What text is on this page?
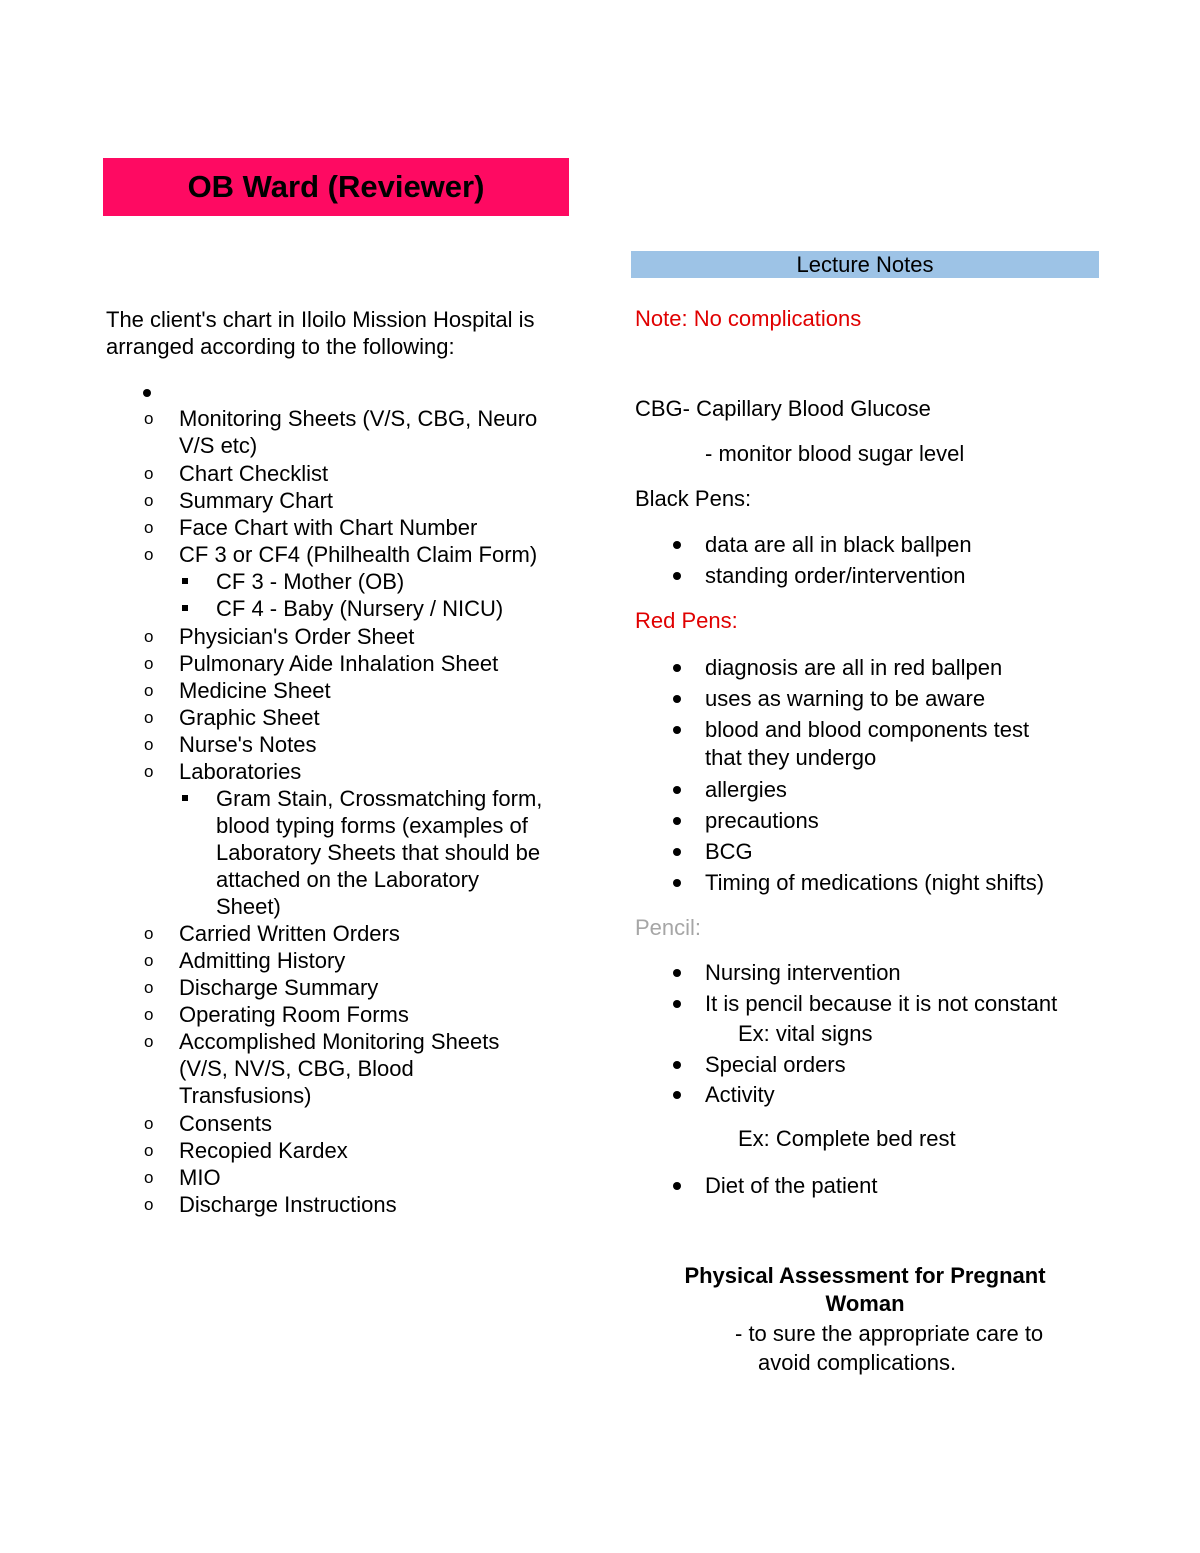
OB Ward (Reviewer)
The client's chart in Iloilo Mission Hospital is
arranged according to the following:
o Monitoring Sheets (V/S, CBG, Neuro
V/S etc)
o Chart Checklist
o Summary Chart
o Face Chart with Chart Number
o CF 3 or CF4 (Philhealth Claim Form)
CF 3 - Mother (OB)
CF 4 - Baby (Nursery / NICU)
o Physician's Order Sheet
o Pulmonary Aide Inhalation Sheet
o Medicine Sheet
o Graphic Sheet
o Nurse's Notes
o Laboratories
Gram Stain, Crossmatching form,
blood typing forms (examples of
Laboratory Sheets that should be
attached on the Laboratory
Sheet)
o Carried Written Orders
o Admitting History
o Discharge Summary
o Operating Room Forms
o Accomplished Monitoring Sheets
(V/S, NV/S, CBG, Blood
Transfusions)
o Consents
o Recopied Kardex
o MIO
o Discharge Instructions
Lecture Notes
Note: No complications
CBG- Capillary Blood Glucose
- monitor blood sugar level
Black Pens:
data are all in black ballpen
standing order/intervention
Red Pens:
diagnosis are all in red ballpen
uses as warning to be aware
blood and blood components test
that they undergo
allergies
precautions
BCG
Timing of medications (night shifts)
Pencil:
Nursing intervention
It is pencil because it is not constant
Ex: vital signs
Special orders
Activity
Ex: Complete bed rest
Diet of the patient
Physical Assessment for Pregnant
Woman
- to sure the appropriate care to
avoid complications.
